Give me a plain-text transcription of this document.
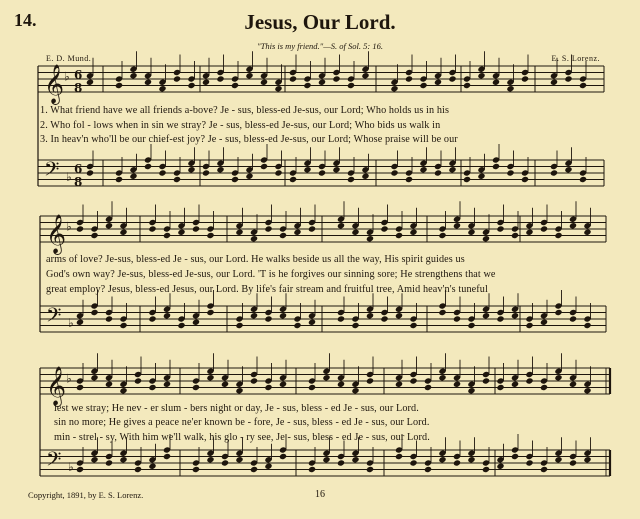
14.	Jesus, Our Lord.
"This is my friend."—S. of Sol. 5: 16.
E. D. Mund.	E. S. Lorenz.
𝄞 ♭ 6
8
𝄢 ♭
6
8
𝄞 ♭
𝄢 ♭
𝄞 ♭
𝄢 ♭
1. What friend have we all friends a-bove? Je - sus, bless-ed Je-sus, our Lord; Who holds us in his
2. Who fol - lows when in sin we stray? Je - sus, bless-ed Je-sus, our Lord; Who bids us walk in
3. In heav'n who'll be our chief-est joy? Je - sus, bless-ed Je-sus, our Lord; Whose praise will be our
arms of love? Je-sus, bless-ed Je - sus, our Lord. He walks beside us all the way, His spirit guides us
God's own way? Je-sus, bless-ed Je-sus, our Lord. 'T is he forgives our sinning sore; He strengthens that we
great employ? Jesus, bless-ed Jesus, our Lord. By life's fair stream and fruitful tree, Amid heav'n's tuneful
lest we stray; He nev - er slum - bers night or day, Je - sus, bless - ed Je - sus, our Lord.
sin no more; He gives a peace ne'er known be - fore, Je - sus, bless - ed Je - sus, our Lord.
min - strel - sy, With him we'll walk, his glo - ry see, Je - sus, bless - ed Je - sus, our Lord.
Copyright, 1891, by E. S. Lorenz.	16
